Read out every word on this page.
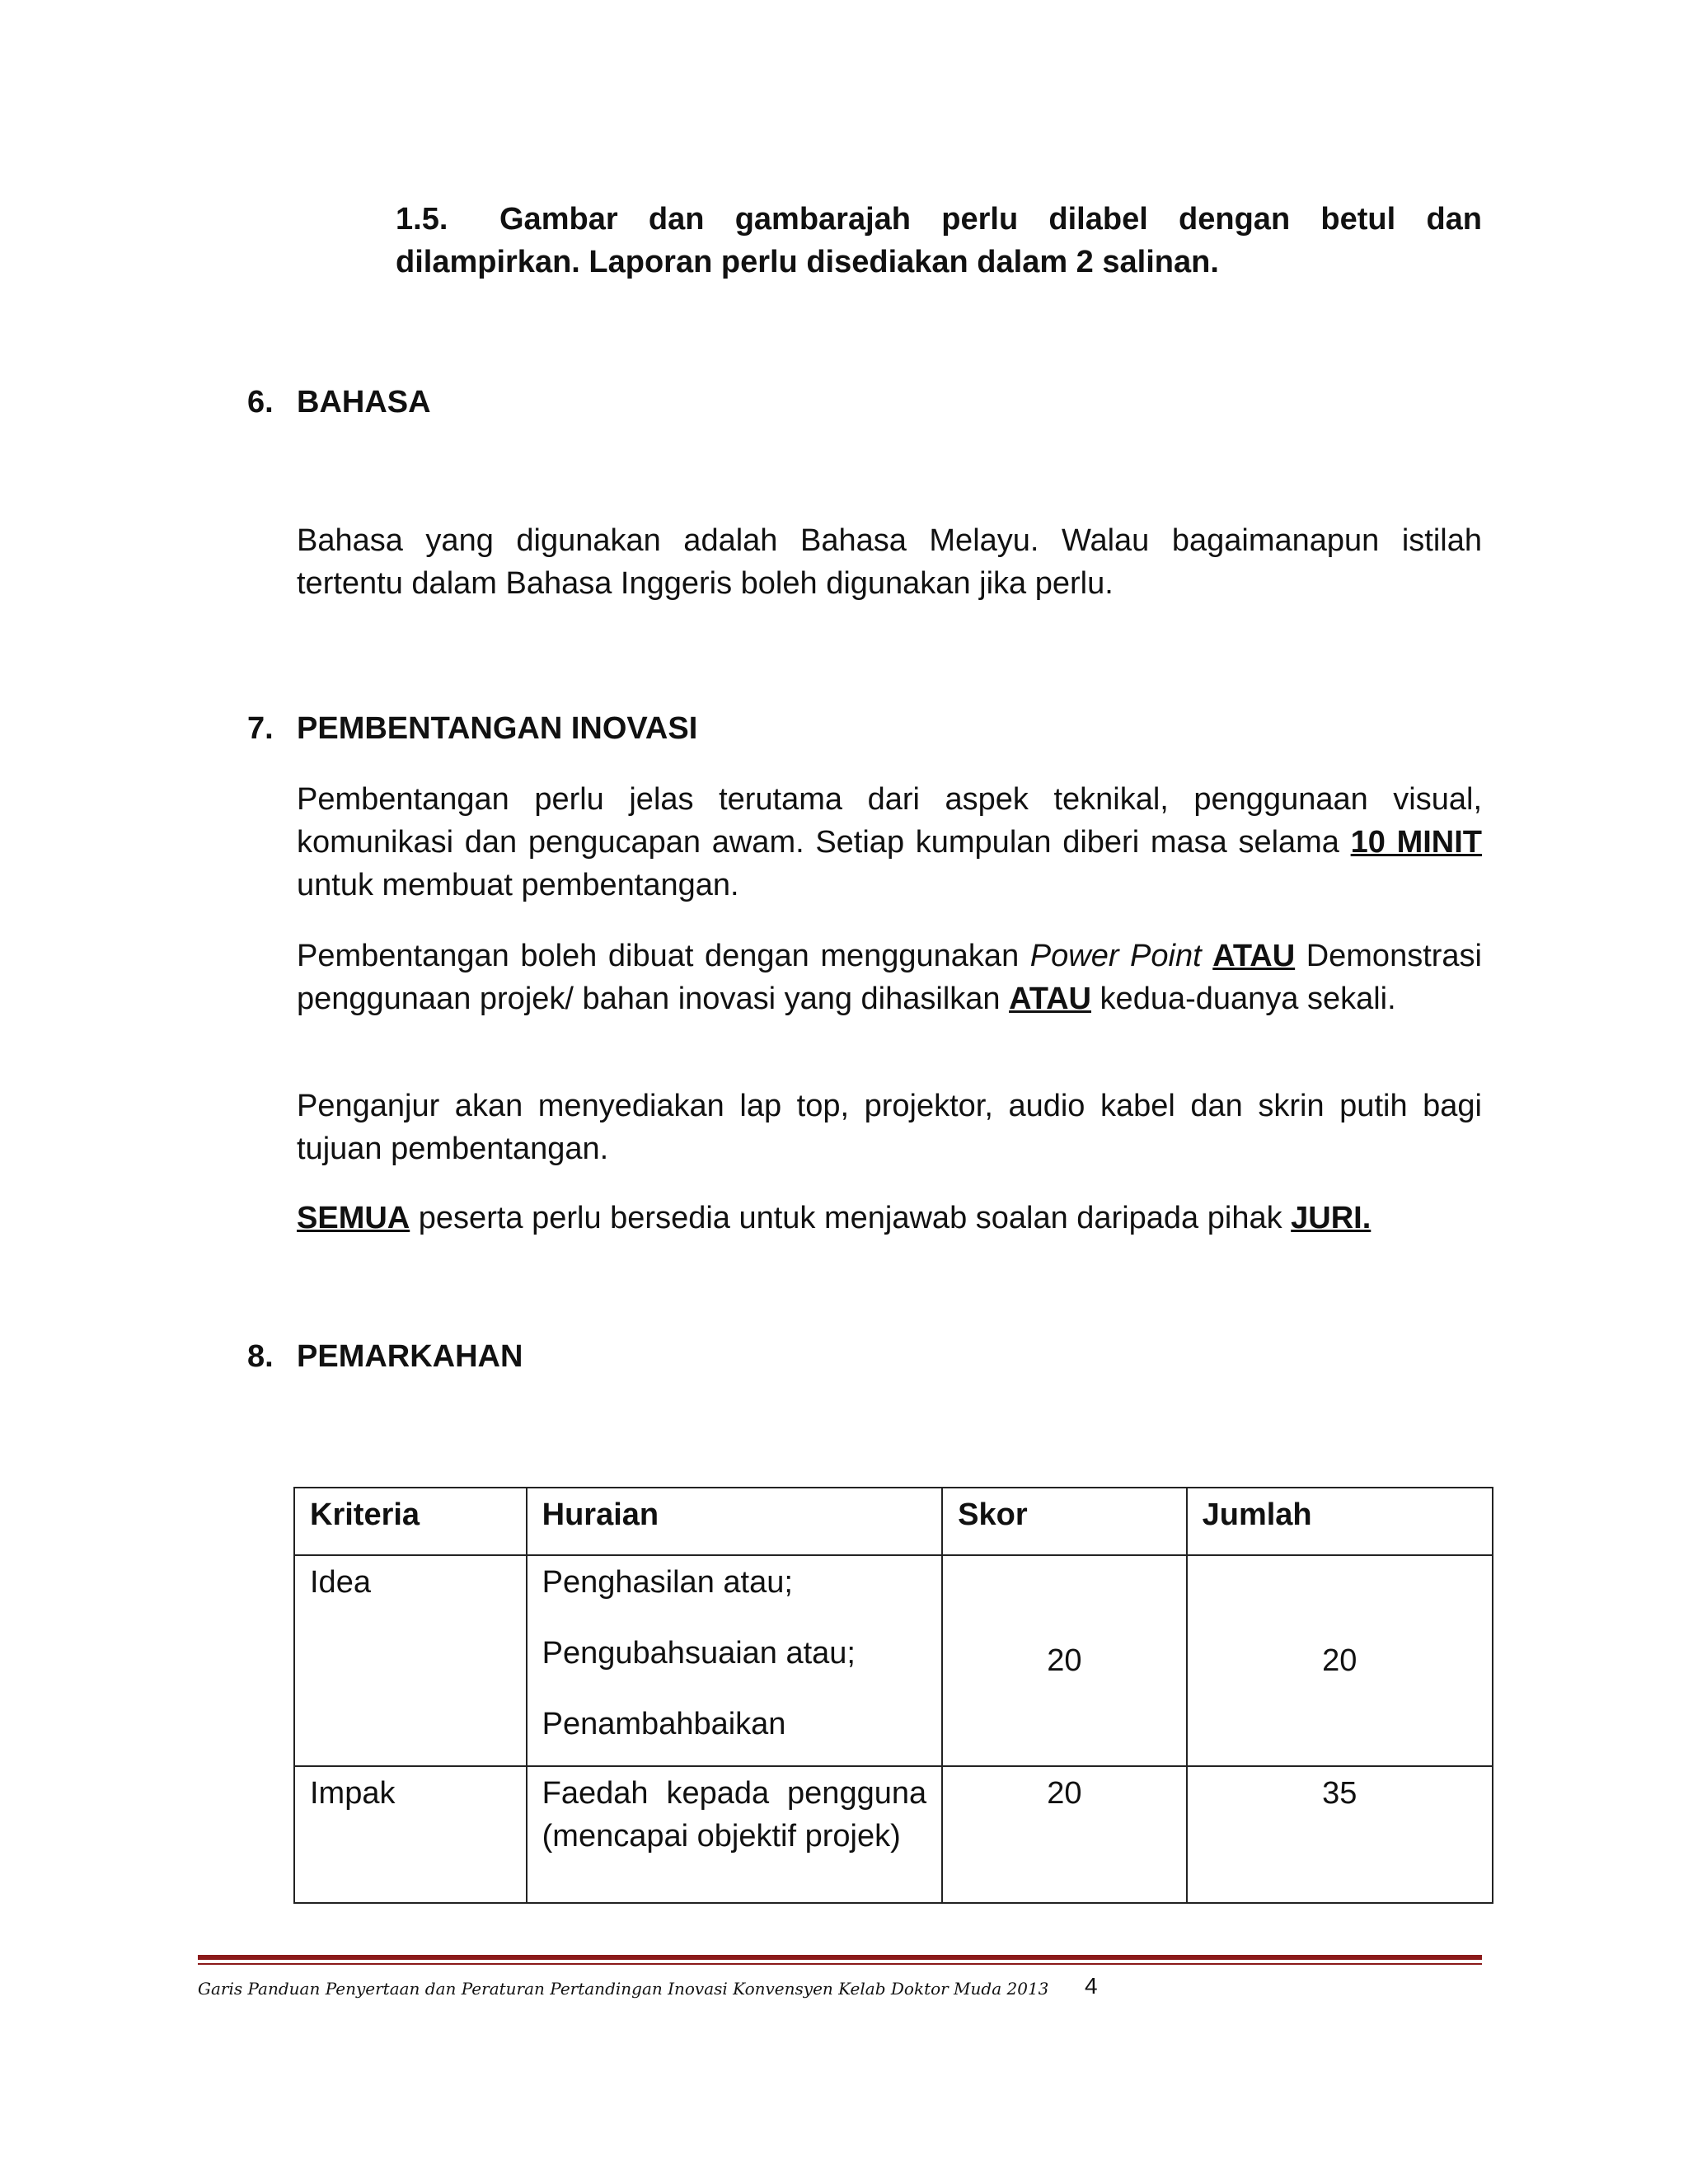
1.5. Gambar dan gambarajah perlu dilabel dengan betul dan dilampirkan. Laporan perlu disediakan dalam 2 salinan.
6. BAHASA

Bahasa yang digunakan adalah Bahasa Melayu. Walau bagaimanapun istilah tertentu dalam Bahasa Inggeris boleh digunakan jika perlu.

7. PEMBENTANGAN INOVASI

Pembentangan perlu jelas terutama dari aspek teknikal, penggunaan visual, komunikasi dan pengucapan awam. Setiap kumpulan diberi masa selama 10 MINIT untuk membuat pembentangan.

Pembentangan boleh dibuat dengan menggunakan Power Point ATAU Demonstrasi penggunaan projek/ bahan inovasi yang dihasilkan ATAU kedua-duanya sekali.

Penganjur akan menyediakan lap top, projektor, audio kabel dan skrin putih bagi tujuan pembentangan.

SEMUA peserta perlu bersedia untuk menjawab soalan daripada pihak JURI.

8. PEMARKAHAN
Kriteria	Huraian	Skor	Jumlah
Idea	Penghasilan atau;
Pengubahsuaian atau;
Penambahbaikan	20	20
Impak	Faedah kepada pengguna (mencapai objektif projek)	20	35
Garis Panduan Penyertaan dan Peraturan Pertandingan Inovasi Konvensyen Kelab Doktor Muda 2013 4
